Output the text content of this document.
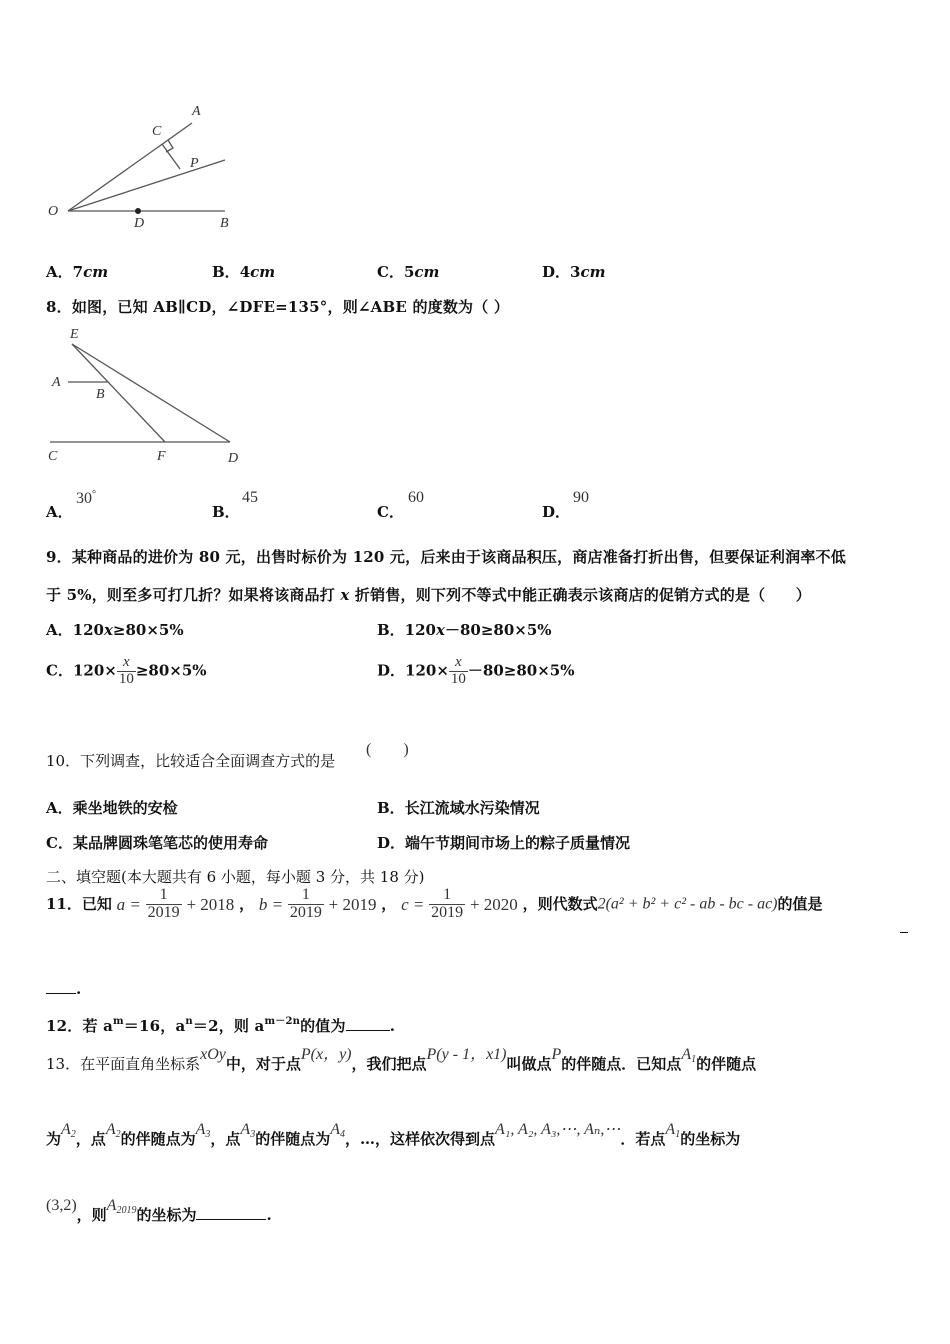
A
C
P
O
D	B
A．7cm	B．4cm	C．5cm	D．3cm
8．如图，已知 AB∥CD，∠DFE=135°，则∠ABE 的度数为（ ）
E
A
B
C	F	D
A．
30°
B．
45
C．
60
D．
90
9．某种商品的进价为 80 元，出售时标价为 120 元，后来由于该商品积压，商店准备打折出售，但要保证利润率不低
于 5%，则至多可打几折？如果将该商品打 x 折销售，则下列不等式中能正确表示该商店的促销方式的是（　　）
A．120x≥80×5%	B．120x－80≥80×5%
C．$120\times \frac{x}{10} \ge 80\times 5\%$	D．$120\times \frac{x}{10} -80\ge 80\times 5\%$
10．下列调查，比较适合全面调查方式的是
(　　)
A．乘坐地铁的安检	B．长江流域水污染情况
C．某品牌圆珠笔笔芯的使用寿命	D．端午节期间市场上的粽子质量情况
二、填空题(本大题共有 6 小题，每小题 3 分，共 18 分)
11．已知 $a = \frac{1}{2019} + 2018$ ， $b = \frac{1}{2019} + 2019$ ， $c = \frac{1}{2019} + 2020$ ，则代数式2(a² + b² + c² - ab - bc - ac)的值是
.
12．若 $a^m=16$，$a^n=2$，则 $a^{m-2n}$的值为	.
13．在平面直角坐标系xOy中，对于点P(x，y)，我们把点P(y - 1，x1)叫做点P的伴随点．已知点$A_1$的伴随点
为$A_2$，点$A_2$的伴随点为$A_3$，点$A_3$的伴随点为$A_4$，…，这样依次得到点A₁, A₂, A₃,⋯, Aₙ,⋯．若点$A_1$的坐标为
(3,2)，则$A_{2019}$的坐标为	.
